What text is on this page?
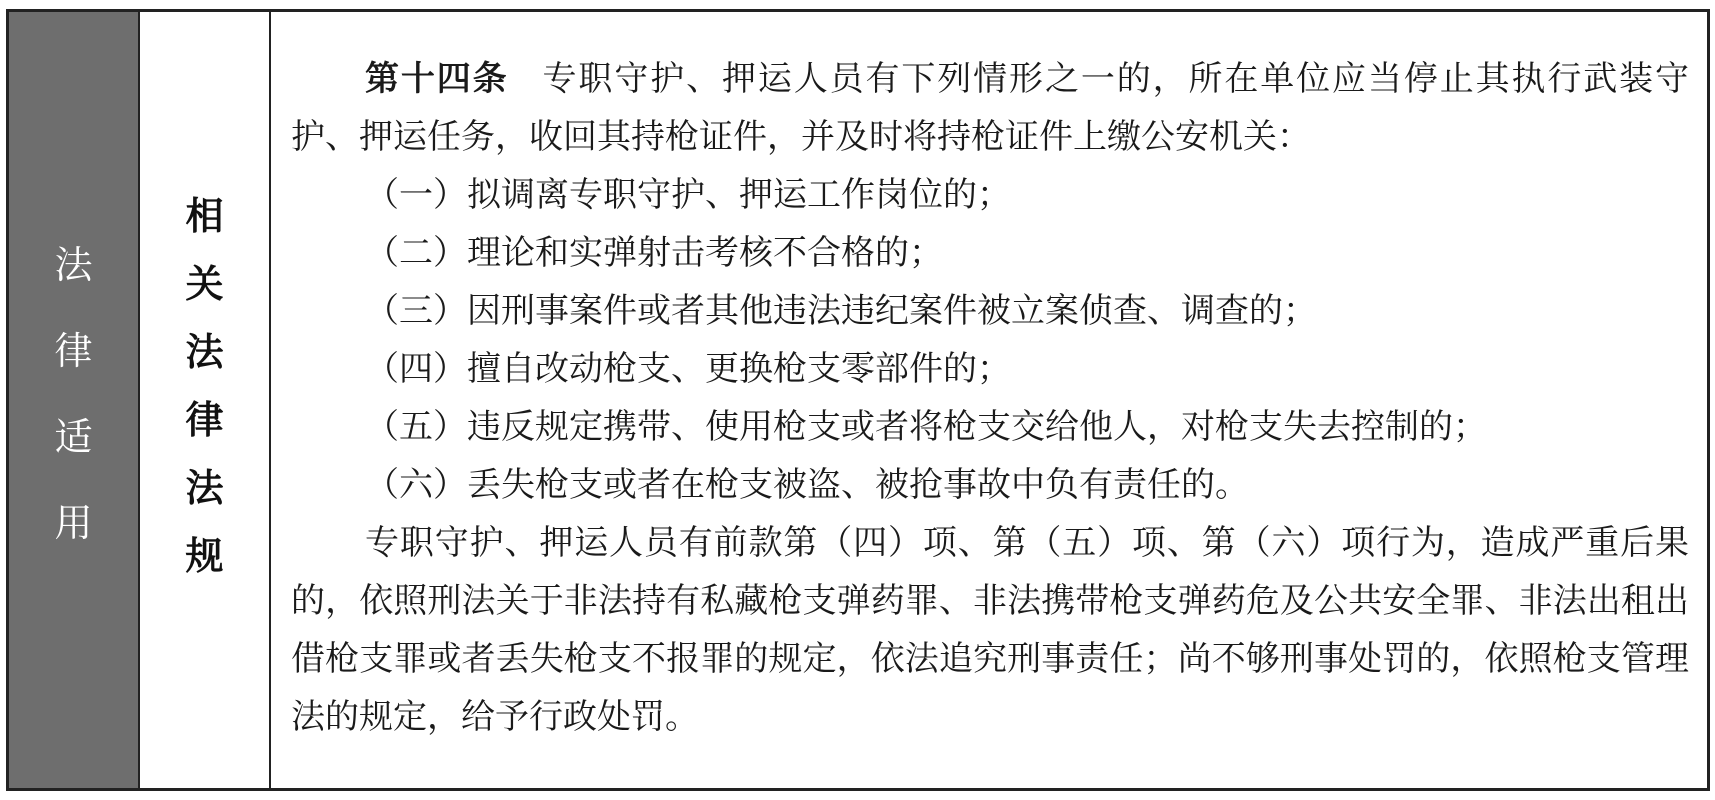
法
律
适
用
相
关
法
律
法
规

第十四条 专职守护、押运人员有下列情形之一的，所在单位应当停止其执行武装守护、押运任务，收回其持枪证件，并及时将持枪证件上缴公安机关：

（一）拟调离专职守护、押运工作岗位的；

（二）理论和实弹射击考核不合格的；

（三）因刑事案件或者其他违法违纪案件被立案侦查、调查的；

（四）擅自改动枪支、更换枪支零部件的；

（五）违反规定携带、使用枪支或者将枪支交给他人，对枪支失去控制的；

（六）丢失枪支或者在枪支被盗、被抢事故中负有责任的。

专职守护、押运人员有前款第（四）项、第（五）项、第（六）项行为，造成严重后果的，依照刑法关于非法持有私藏枪支弹药罪、非法携带枪支弹药危及公共安全罪、非法出租出借枪支罪或者丢失枪支不报罪的规定，依法追究刑事责任；尚不够刑事处罚的，依照枪支管理法的规定，给予行政处罚。
